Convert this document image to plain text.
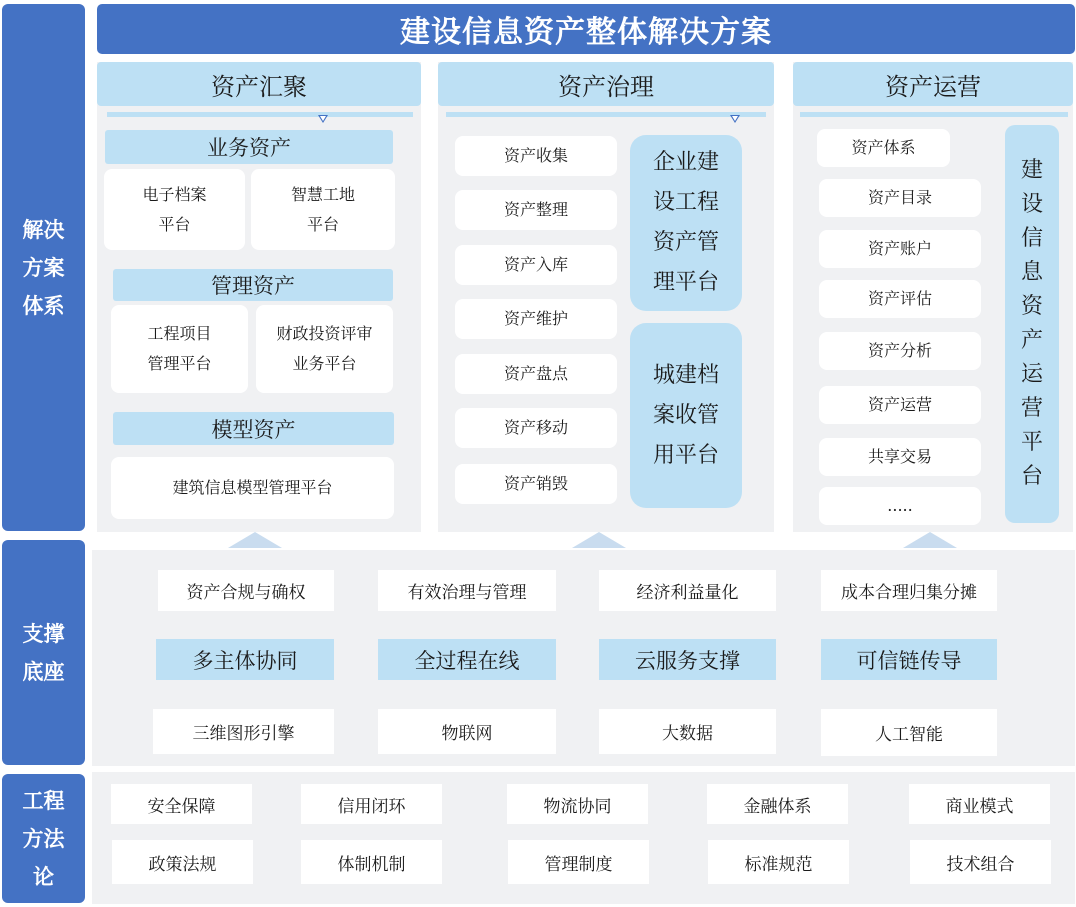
解决
方案
体系
支撑
底座
工程
方法
论
建设信息资产整体解决方案
资产汇聚
业务资产
电子档案
平台
智慧工地
平台
管理资产
工程项目
管理平台
财政投资评审
业务平台
模型资产
建筑信息模型管理平台
资产治理
资产收集
资产整理
资产入库
资产维护
资产盘点
资产移动
资产销毁
企业建
设工程
资产管
理平台
城建档
案收管
用平台
资产运营
资产体系
资产目录
资产账户
资产评估
资产分析
资产运营
共享交易
.....
建
设
信
息
资
产
运
营
平
台
资产合规与确权	有效治理与管理	经济利益量化	成本合理归集分摊
多主体协同	全过程在线	云服务支撑	可信链传导
三维图形引擎	物联网	大数据	人工智能
安全保障	信用闭环	物流协同	金融体系	商业模式
政策法规	体制机制	管理制度	标准规范	技术组合
